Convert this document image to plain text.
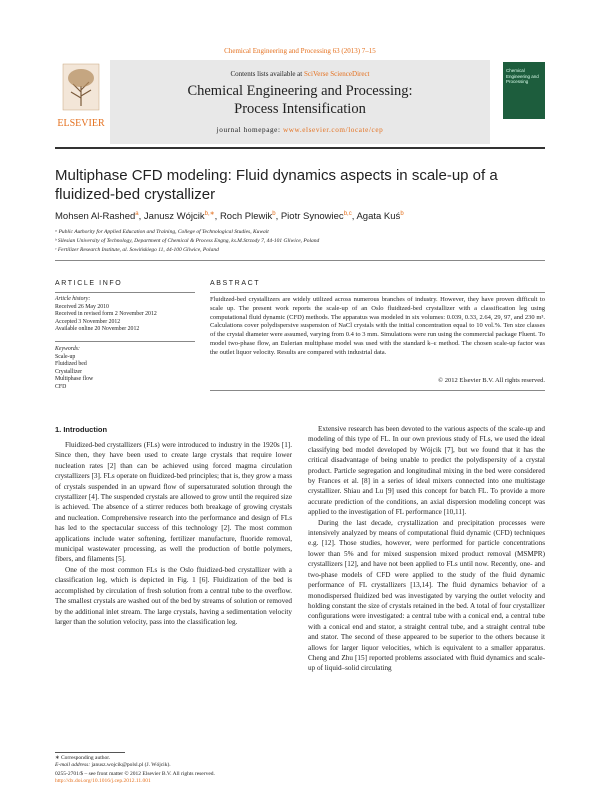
Chemical Engineering and Processing 63 (2013) 7–15
Contents lists available at SciVerse ScienceDirect
Chemical Engineering and Processing:
Process Intensification
journal homepage: www.elsevier.com/locate/cep
ELSEVIER
Chemical Engineering and Processing
Multiphase CFD modeling: Fluid dynamics aspects in scale-up of a
fluidized-bed crystallizer
Mohsen Al-Rashed$^a$, Janusz Wójcik$^{b,∗}$, Roch Plewik$^b$, Piotr Synowiec$^{b,c}$, Agata Kuś$^b$
ᵃ Public Authority for Applied Education and Training, College of Technological Studies, Kuwait
ᵇ Silesian University of Technology, Department of Chemical & Process Engng, ks.M.Strzody 7, 44-101 Gliwice, Poland
ᶜ Fertilizer Research Institute, al. Sowińskiego 11, 44-100 Gliwice, Poland
ARTICLE INFO	ABSTRACT
Article history:
Received 26 May 2010
Received in revised form 2 November 2012
Accepted 3 November 2012
Available online 20 November 2012
Keywords:
Scale-up
Fluidized bed
Crystallizer
Multiphase flow
CFD
Fluidized-bed crystallizers are widely utilized across numerous branches of industry. However, they have proven difficult to scale up. The present work reports the scale-up of an Oslo fluidized-bed crystallizer with a classification leg using computational fluid dynamic (CFD) methods. The apparatus was modeled in six volumes: 0.039, 0.33, 2.64, 29, 97, and 230 m³. Calculations cover polydispersive suspension of NaCl crystals with the initial concentration equal to 10 vol.%. Ten size classes of the crystal diameter were assumed, varying from 0.4 to 3 mm. Simulations were run using the commercial package Fluent. To model two-phase flow, an Eulerian multiphase model was used with the standard k–ε method. The chosen scale-up factor was the outlet liquor velocity. Results are compared with industrial data.
© 2012 Elsevier B.V. All rights reserved.
1. Introduction

Fluidized-bed crystallizers (FLs) were introduced to industry in the 1920s [1]. Since then, they have been used to create large crystals that require lower nucleation rates [2] than can be achieved using forced magma circulation crystallizers [3]. FLs operate on fluidized-bed principles; that is, they grow a mass of crystals suspended in an upward flow of supersaturated solution through the crystallizer [4]. The suspended crystals are allowed to grow until the required size is achieved. The absence of a stirrer reduces both breakage of growing crystals and nucleation. Comprehensive research into the performance and design of FLs has led to the spectacular success of this technology [2]. The most common applications include water softening, fertilizer manufacture, fluoride removal, municipal wastewater processing, as well the production of bottle polymers, fibers, and filaments [5].

One of the most common FLs is the Oslo fluidized-bed crystallizer with a classification leg, which is depicted in Fig. 1 [6]. Fluidization of the bed is accomplished by circulation of fresh solution from a central tube to the overflow. The smallest crystals are washed out of the bed by streams of solution or removed by the additional inlet stream. The large crystals, having a sedimentation velocity larger than the solution velocity, pass into the classification leg.

Extensive research has been devoted to the various aspects of the scale-up and modeling of this type of FL. In our own previous study of FLs, we used the ideal classifying bed model developed by Wójcik [7], but we found that it has the critical disadvantage of being unable to predict the polydispersity of a crystal product. Particle segregation and longitudinal mixing in the bed were considered by Frances et al. [8] in a series of ideal mixers connected into one multistage crystallizer. Shiau and Lu [9] used this concept for batch FL. To provide a more accurate prediction of the conditions, an axial dispersion modeling concept was applied to the investigation of FL performance [10,11].

During the last decade, crystallization and precipitation processes were intensively analyzed by means of computational fluid dynamic (CFD) techniques e.g. [12]. Those studies, however, were performed for particle concentrations lower than 5% and for mixed suspension mixed product removal (MSMPR) crystallizers [12], and have not been applied to FLs until now. Recently, one- and two-phase models of CFD were applied to the study of the fluid dynamic performance of FL crystallizers [13,14]. The fluid dynamics behavior of a monodispersed fluidized bed was investigated by varying the outlet velocity and holding constant the size of crystals retained in the bed. A total of four crystallizer configurations were investigated: a central tube with a conical end, a central tube with a conical end and stator, a straight central tube, and a straight central tube and stator. The second of these appeared to be superior to the others because it allows for larger liquor velocities, which is equivalent to a smaller apparatus. Cheng and Zhu [15] reported problems associated with fluid dynamics and scale-up of liquid–solid circulating

∗ Corresponding author.
E-mail address: janusz.wojcik@polsl.pl (J. Wójcik).
0255-2701/$ – see front matter © 2012 Elsevier B.V. All rights reserved.
http://dx.doi.org/10.1016/j.cep.2012.11.001
